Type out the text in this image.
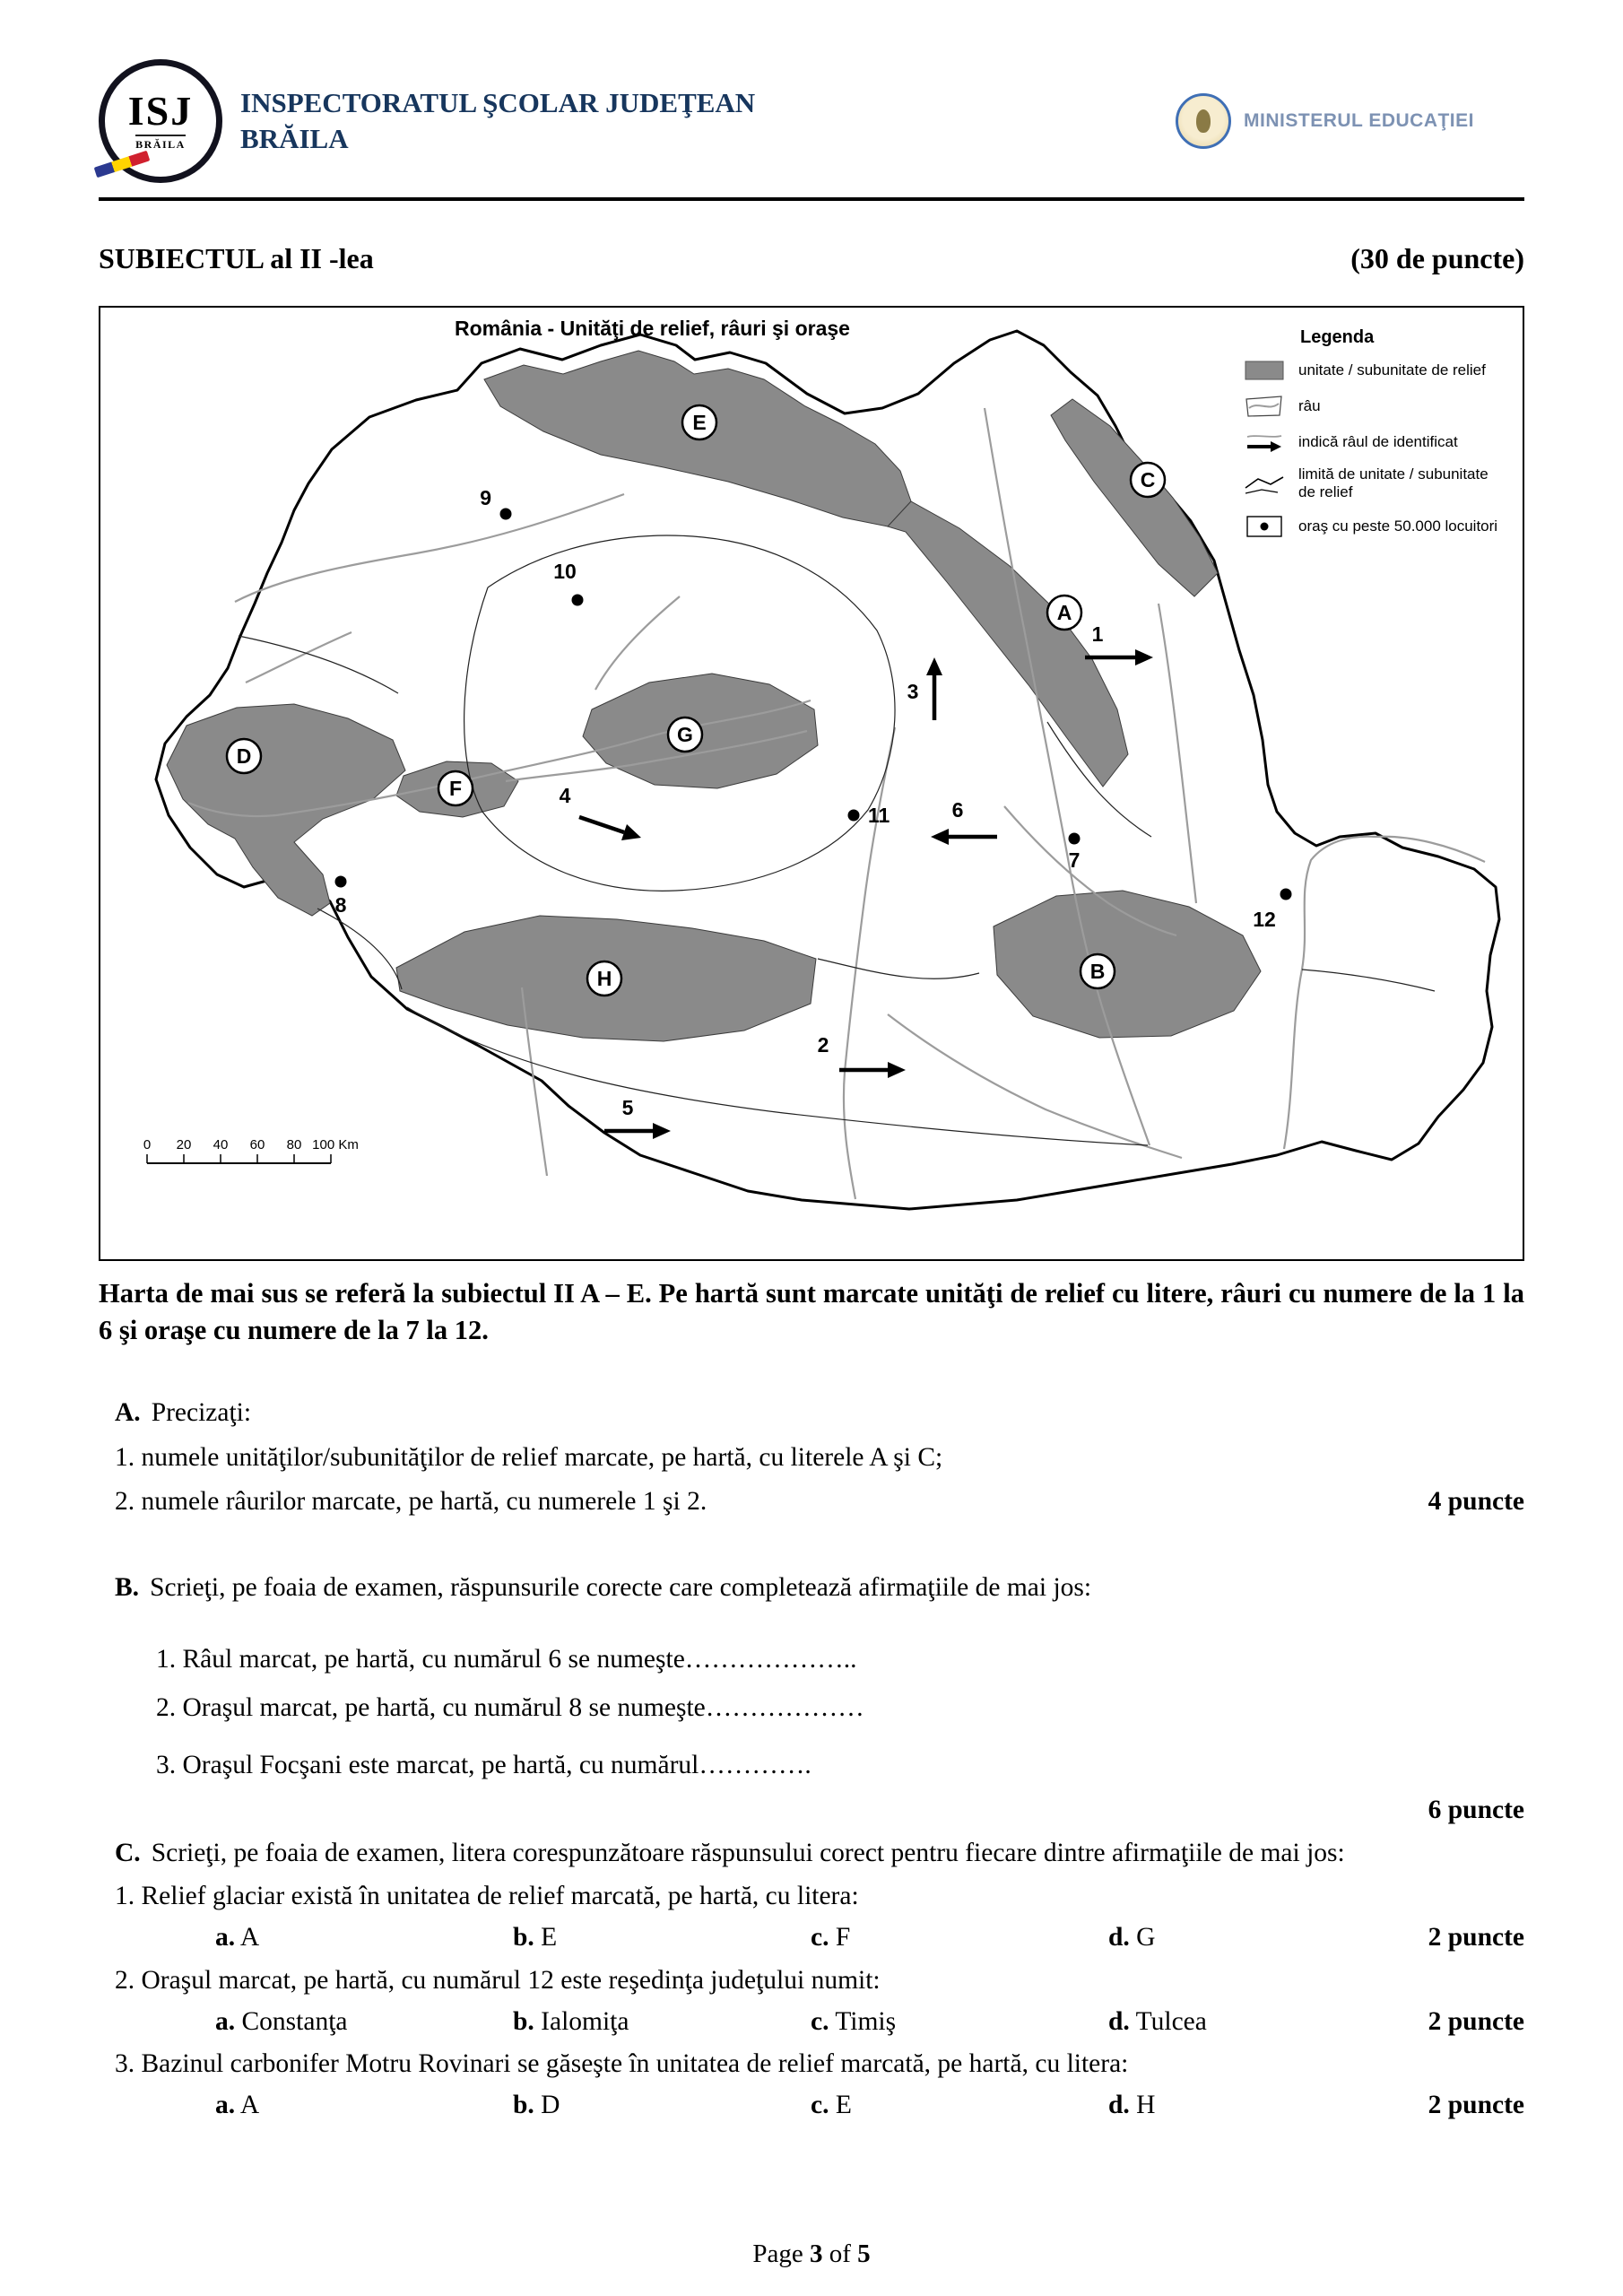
ISJ
BRĂILA
INSPECTORATUL ŞCOLAR JUDEŢEAN
BRĂILA
MINISTERUL EDUCAŢIEI
SUBIECTUL al II -lea	(30 de puncte)
E
C
A
D
F
G
H	B
1
2
3
4
5
6
7
8
9
10
11
12
0 20 40 60 80 100 Km
România - Unităţi de relief, râuri şi oraşe	Legenda
unitate / subunitate de relief
râu
indică râul de identificat
limită de unitate / subunitate de relief
oraş cu peste 50.000 locuitori
Harta de mai sus se referă la subiectul II A – E. Pe hartă sunt marcate unităţi de relief cu litere, râuri cu numere de la 1 la 6 şi oraşe cu numere de la 7 la 12.
A. Precizaţi:
1. numele unităţilor/subunităţilor de relief marcate, pe hartă, cu literele A şi C;
2. numele râurilor marcate, pe hartă, cu numerele 1 şi 2.	4 puncte
B. Scrieţi, pe foaia de examen, răspunsurile corecte care completează afirmaţiile de mai jos:
1. Râul marcat, pe hartă, cu numărul 6 se numeşte………………..
2. Oraşul marcat, pe hartă, cu numărul 8 se numeşte………………
3. Oraşul Focşani este marcat, pe hartă, cu numărul………….
6 puncte
C. Scrieţi, pe foaia de examen, litera corespunzătoare răspunsului corect pentru fiecare dintre afirmaţiile de mai jos:
1. Relief glaciar există în unitatea de relief marcată, pe hartă, cu litera:
a. A	b. E	c. F	d. G	2 puncte
2. Oraşul marcat, pe hartă, cu numărul 12 este reşedinţa judeţului numit:
a. Constanţa	b. Ialomiţa	c. Timiş	d. Tulcea	2 puncte
3. Bazinul carbonifer Motru Rovinari se găseşte în unitatea de relief marcată, pe hartă, cu litera:
a. A	b. D	c. E	d. H	2 puncte
Page 3 of 5
